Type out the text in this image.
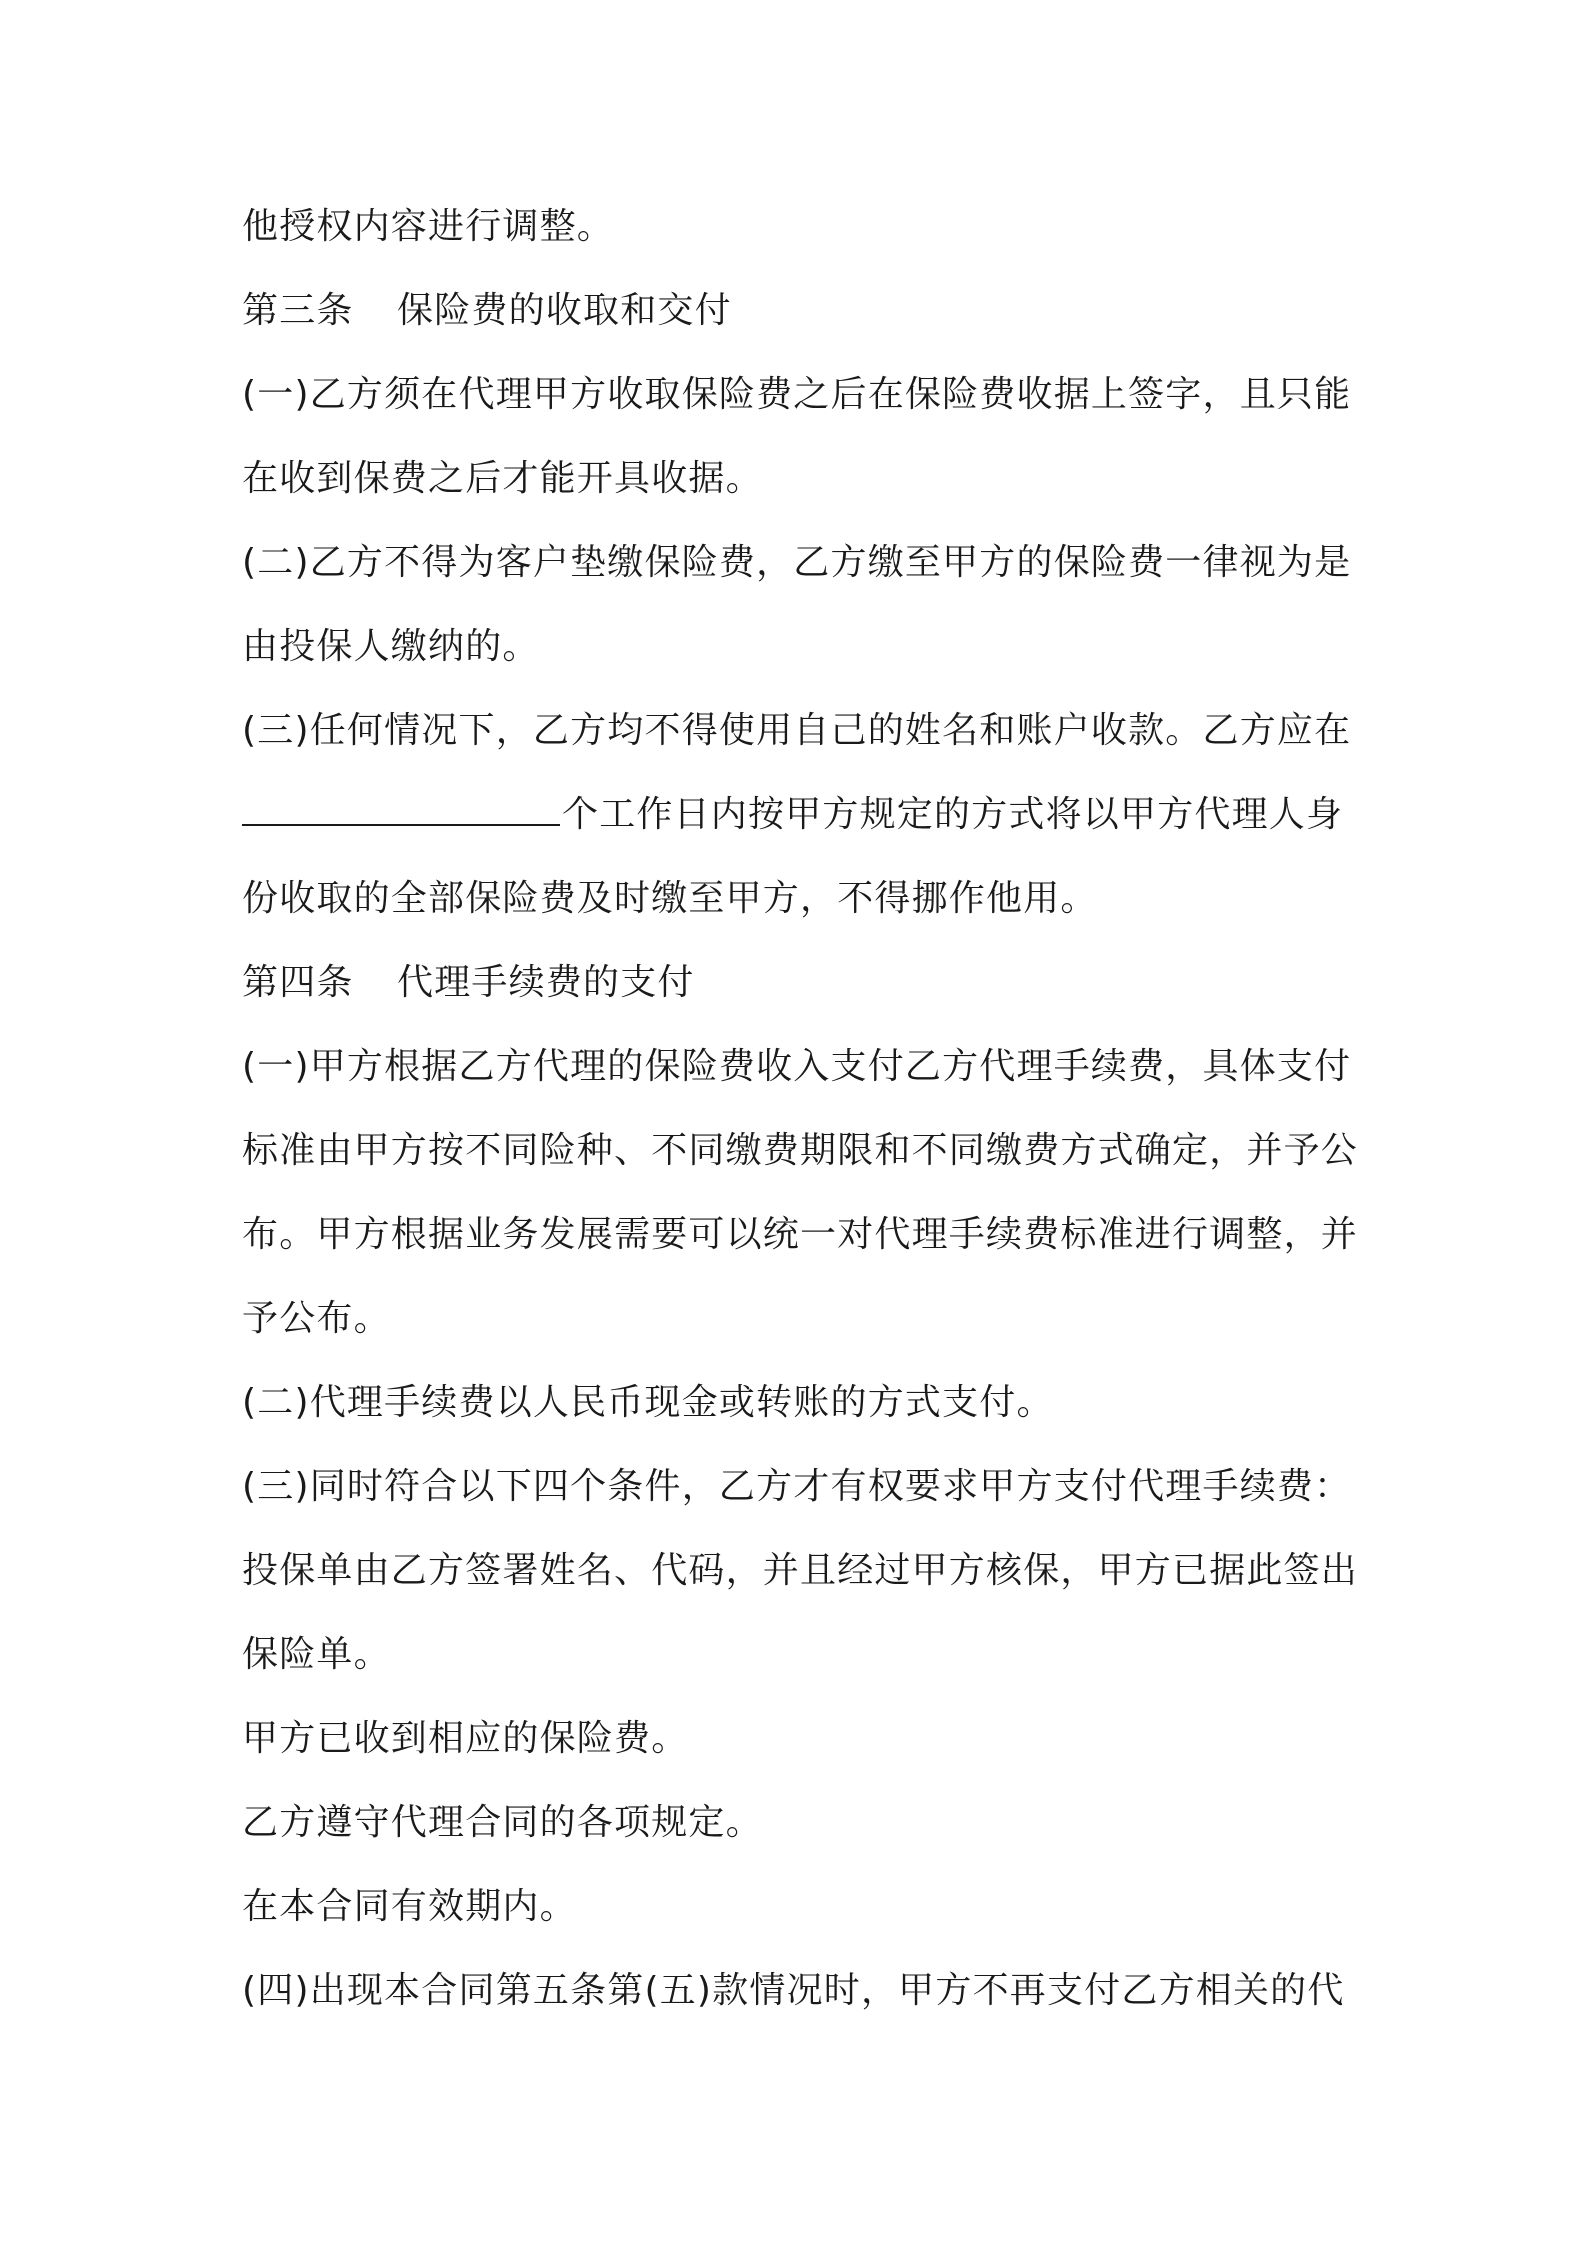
他授权内容进行调整。
第三条 保险费的收取和交付
(一)乙方须在代理甲方收取保险费之后在保险费收据上签字，且只能
在收到保费之后才能开具收据。
(二)乙方不得为客户垫缴保险费，乙方缴至甲方的保险费一律视为是
由投保人缴纳的。
(三)任何情况下，乙方均不得使用自己的姓名和账户收款。乙方应在
个工作日内按甲方规定的方式将以甲方代理人身
份收取的全部保险费及时缴至甲方，不得挪作他用。
第四条 代理手续费的支付
(一)甲方根据乙方代理的保险费收入支付乙方代理手续费，具体支付
标准由甲方按不同险种、不同缴费期限和不同缴费方式确定，并予公
布。甲方根据业务发展需要可以统一对代理手续费标准进行调整，并
予公布。
(二)代理手续费以人民币现金或转账的方式支付。
(三)同时符合以下四个条件，乙方才有权要求甲方支付代理手续费：
投保单由乙方签署姓名、代码，并且经过甲方核保，甲方已据此签出
保险单。
甲方已收到相应的保险费。
乙方遵守代理合同的各项规定。
在本合同有效期内。
(四)出现本合同第五条第(五)款情况时，甲方不再支付乙方相关的代
